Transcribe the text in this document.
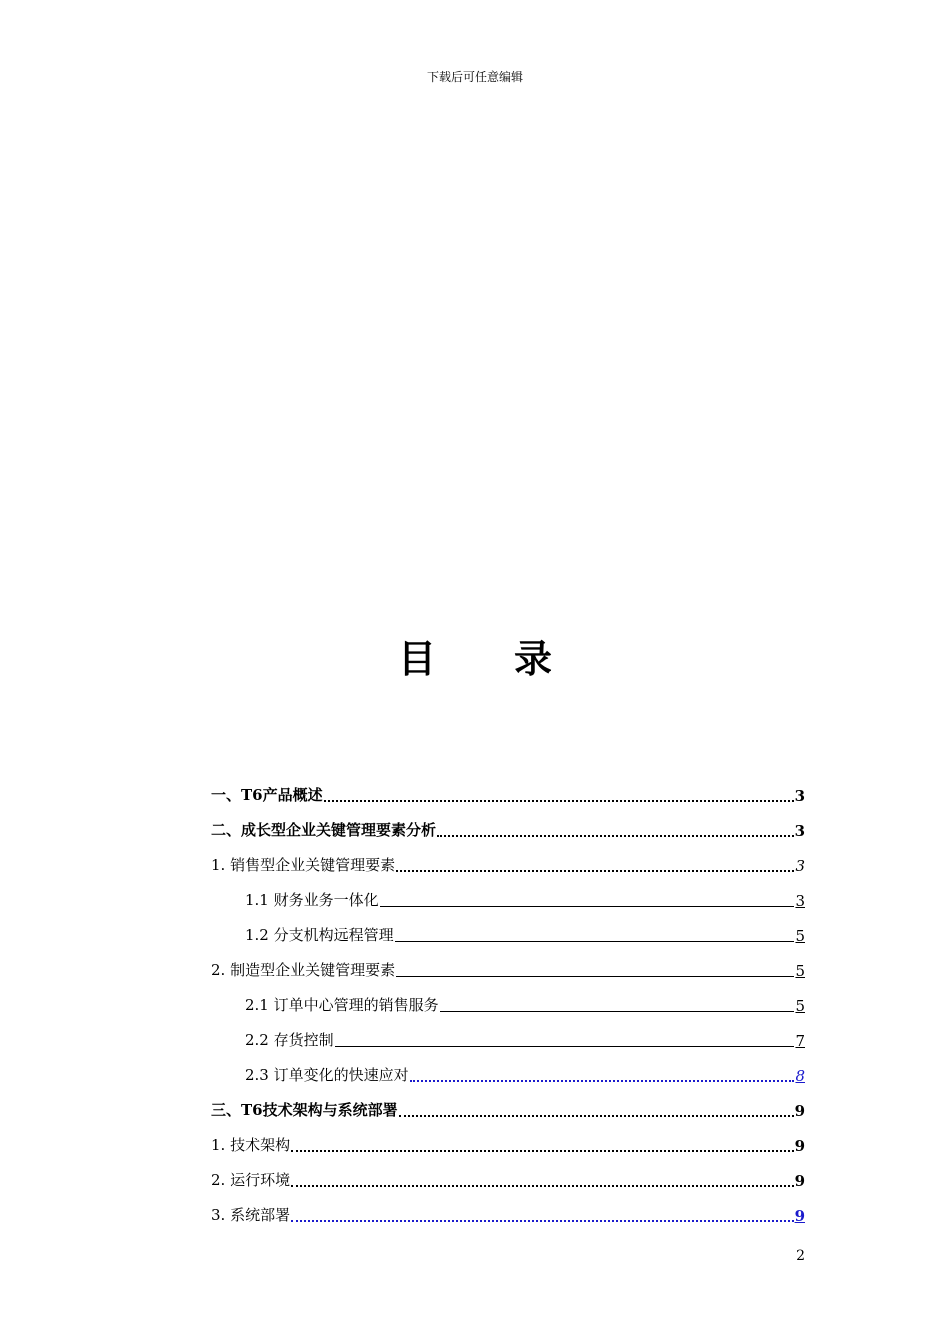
下载后可任意编辑
目 录
一、T6产品概述	3
二、成长型企业关键管理要素分析	3
1. 销售型企业关键管理要素	3
1.1 财务业务一体化	3
1.2 分支机构远程管理	5
2. 制造型企业关键管理要素	5
2.1 订单中心管理的销售服务	5
2.2 存货控制	7
2.3 订单变化的快速应对	8
三、T6技术架构与系统部署	9
1. 技术架构	9
2. 运行环境	9
3. 系统部署	9
2
